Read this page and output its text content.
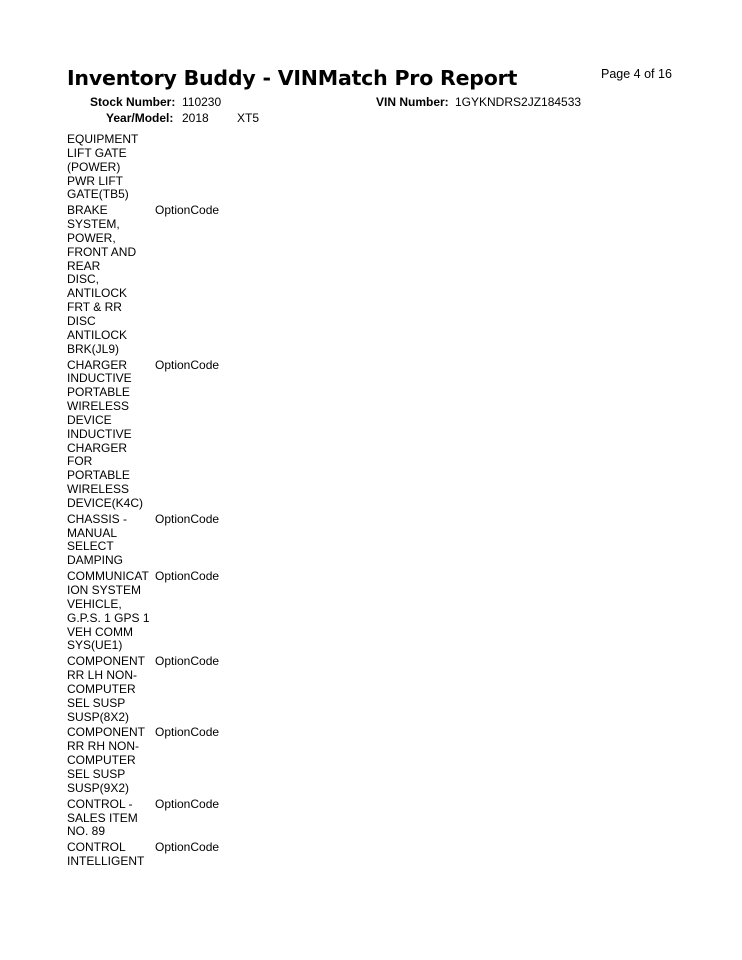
Inventory Buddy - VINMatch Pro Report	Page 4 of 16
Stock Number: 110230	VIN Number: 1GYKNDRS2JZ184533
Year/Model: 2018 XT5
EQUIPMENT
LIFT GATE
(POWER)
PWR LIFT
GATE(TB5)
BRAKE
SYSTEM,
POWER,
FRONT AND
REAR
DISC,
ANTILOCK
FRT & RR
DISC
ANTILOCK
BRK(JL9)
OptionCode
CHARGER
INDUCTIVE
PORTABLE
WIRELESS
DEVICE
INDUCTIVE
CHARGER
FOR
PORTABLE
WIRELESS
DEVICE(K4C)
OptionCode
CHASSIS -
MANUAL
SELECT
DAMPING
OptionCode
COMMUNICAT
ION SYSTEM
VEHICLE,
G.P.S. 1 GPS 1
VEH COMM
SYS(UE1)
OptionCode
COMPONENT
RR LH NON-
COMPUTER
SEL SUSP
SUSP(8X2)
OptionCode
COMPONENT
RR RH NON-
COMPUTER
SEL SUSP
SUSP(9X2)
OptionCode
CONTROL -
SALES ITEM
NO. 89
OptionCode
CONTROL
INTELLIGENT
OptionCode
